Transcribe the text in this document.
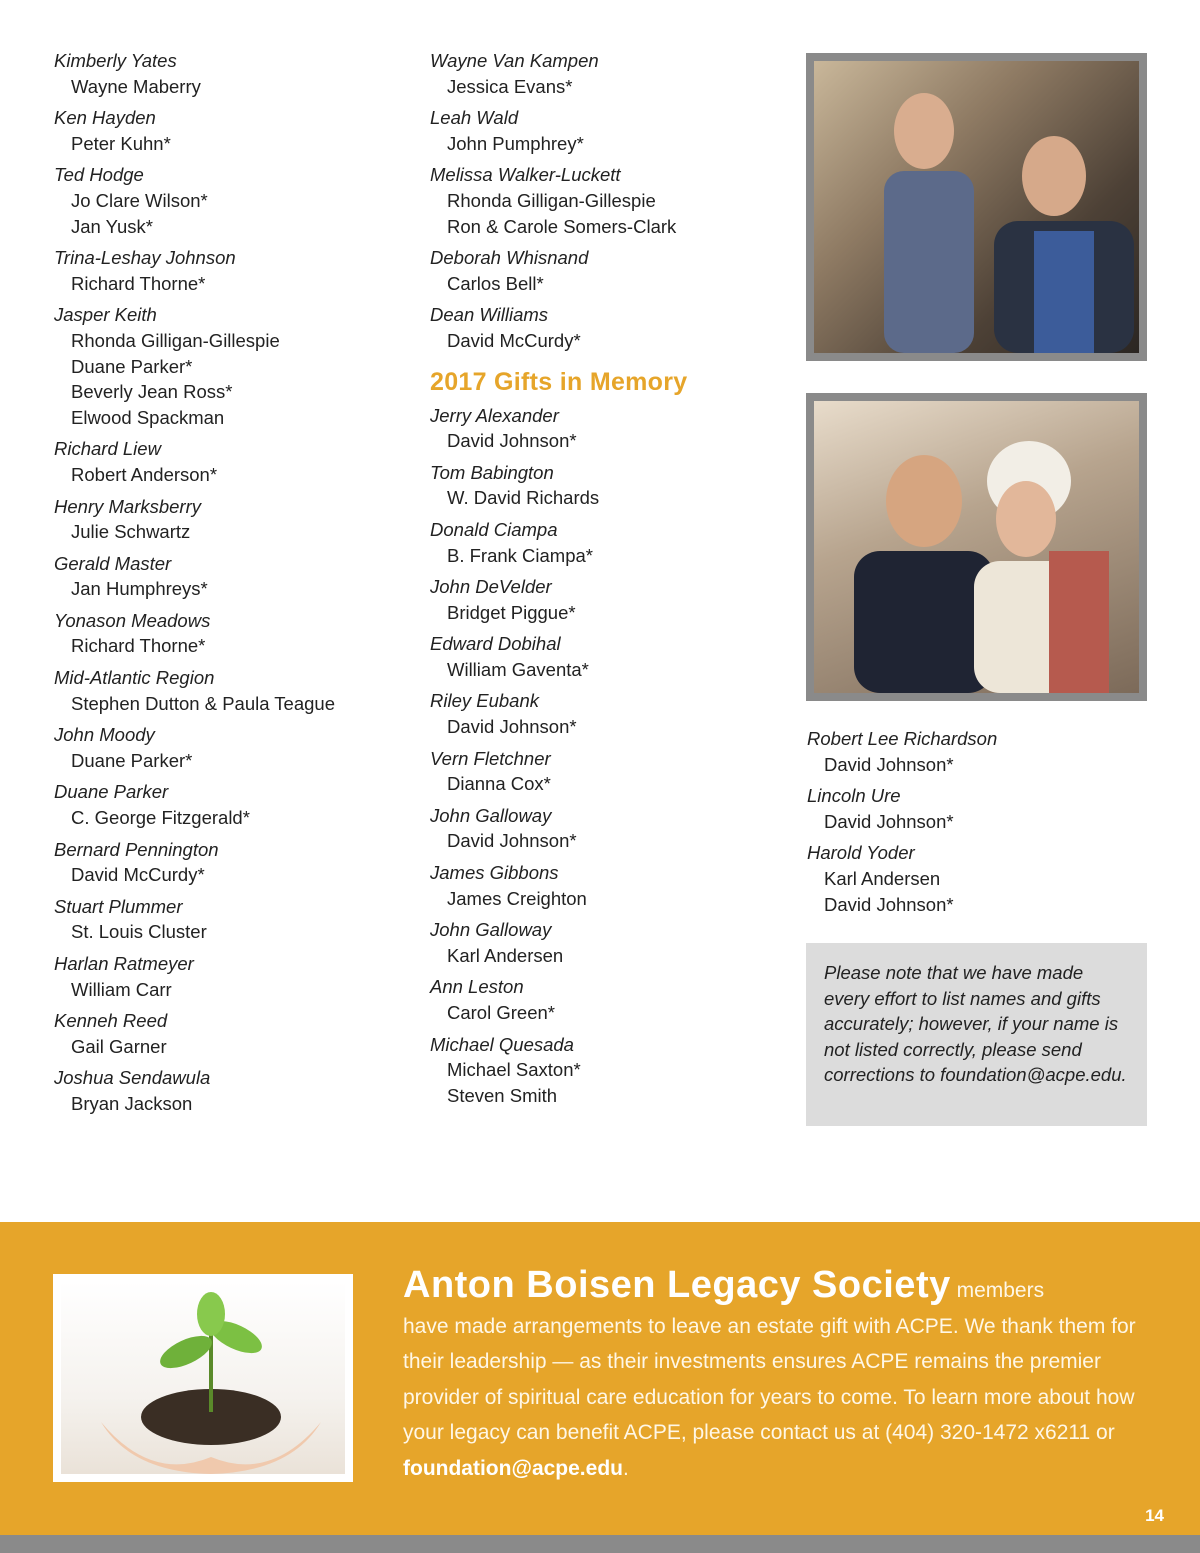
Kimberly Yates
Wayne Maberry
Ken Hayden
Peter Kuhn*
Ted Hodge
Jo Clare Wilson*
Jan Yusk*
Trina-Leshay Johnson
Richard Thorne*
Jasper Keith
Rhonda Gilligan-Gillespie
Duane Parker*
Beverly Jean Ross*
Elwood Spackman
Richard Liew
Robert Anderson*
Henry Marksberry
Julie Schwartz
Gerald Master
Jan Humphreys*
Yonason Meadows
Richard Thorne*
Mid-Atlantic Region
Stephen Dutton & Paula Teague
John Moody
Duane Parker*
Duane Parker
C. George Fitzgerald*
Bernard Pennington
David McCurdy*
Stuart Plummer
St. Louis Cluster
Harlan Ratmeyer
William Carr
Kenneh Reed
Gail Garner
Joshua Sendawula
Bryan Jackson
Wayne Van Kampen
Jessica Evans*
Leah Wald
John Pumphrey*
Melissa Walker-Luckett
Rhonda Gilligan-Gillespie
Ron & Carole Somers-Clark
Deborah Whisnand
Carlos Bell*
Dean Williams
David McCurdy*
2017 Gifts in Memory
Jerry Alexander
David Johnson*
Tom Babington
W. David Richards
Donald Ciampa
B. Frank Ciampa*
John DeVelder
Bridget Piggue*
Edward Dobihal
William Gaventa*
Riley Eubank
David Johnson*
Vern Fletchner
Dianna Cox*
John Galloway
David Johnson*
James Gibbons
James Creighton
John Galloway
Karl Andersen
Ann Leston
Carol Green*
Michael Quesada
Michael Saxton*
Steven Smith
Robert Lee Richardson
David Johnson*
Lincoln Ure
David Johnson*
Harold Yoder
Karl Andersen
David Johnson*
Please note that we have made every effort to list names and gifts accurately; however, if your name is not listed correctly, please send corrections to foundation@acpe.edu.
Anton Boisen Legacy Society members
have made arrangements to leave an estate gift with ACPE. We thank them for their leadership — as their investments ensures ACPE remains the premier provider of spiritual care education for years to come. To learn more about how your legacy can benefit ACPE, please contact us at (404) 320-1472 x6211 or foundation@acpe.edu.
14
